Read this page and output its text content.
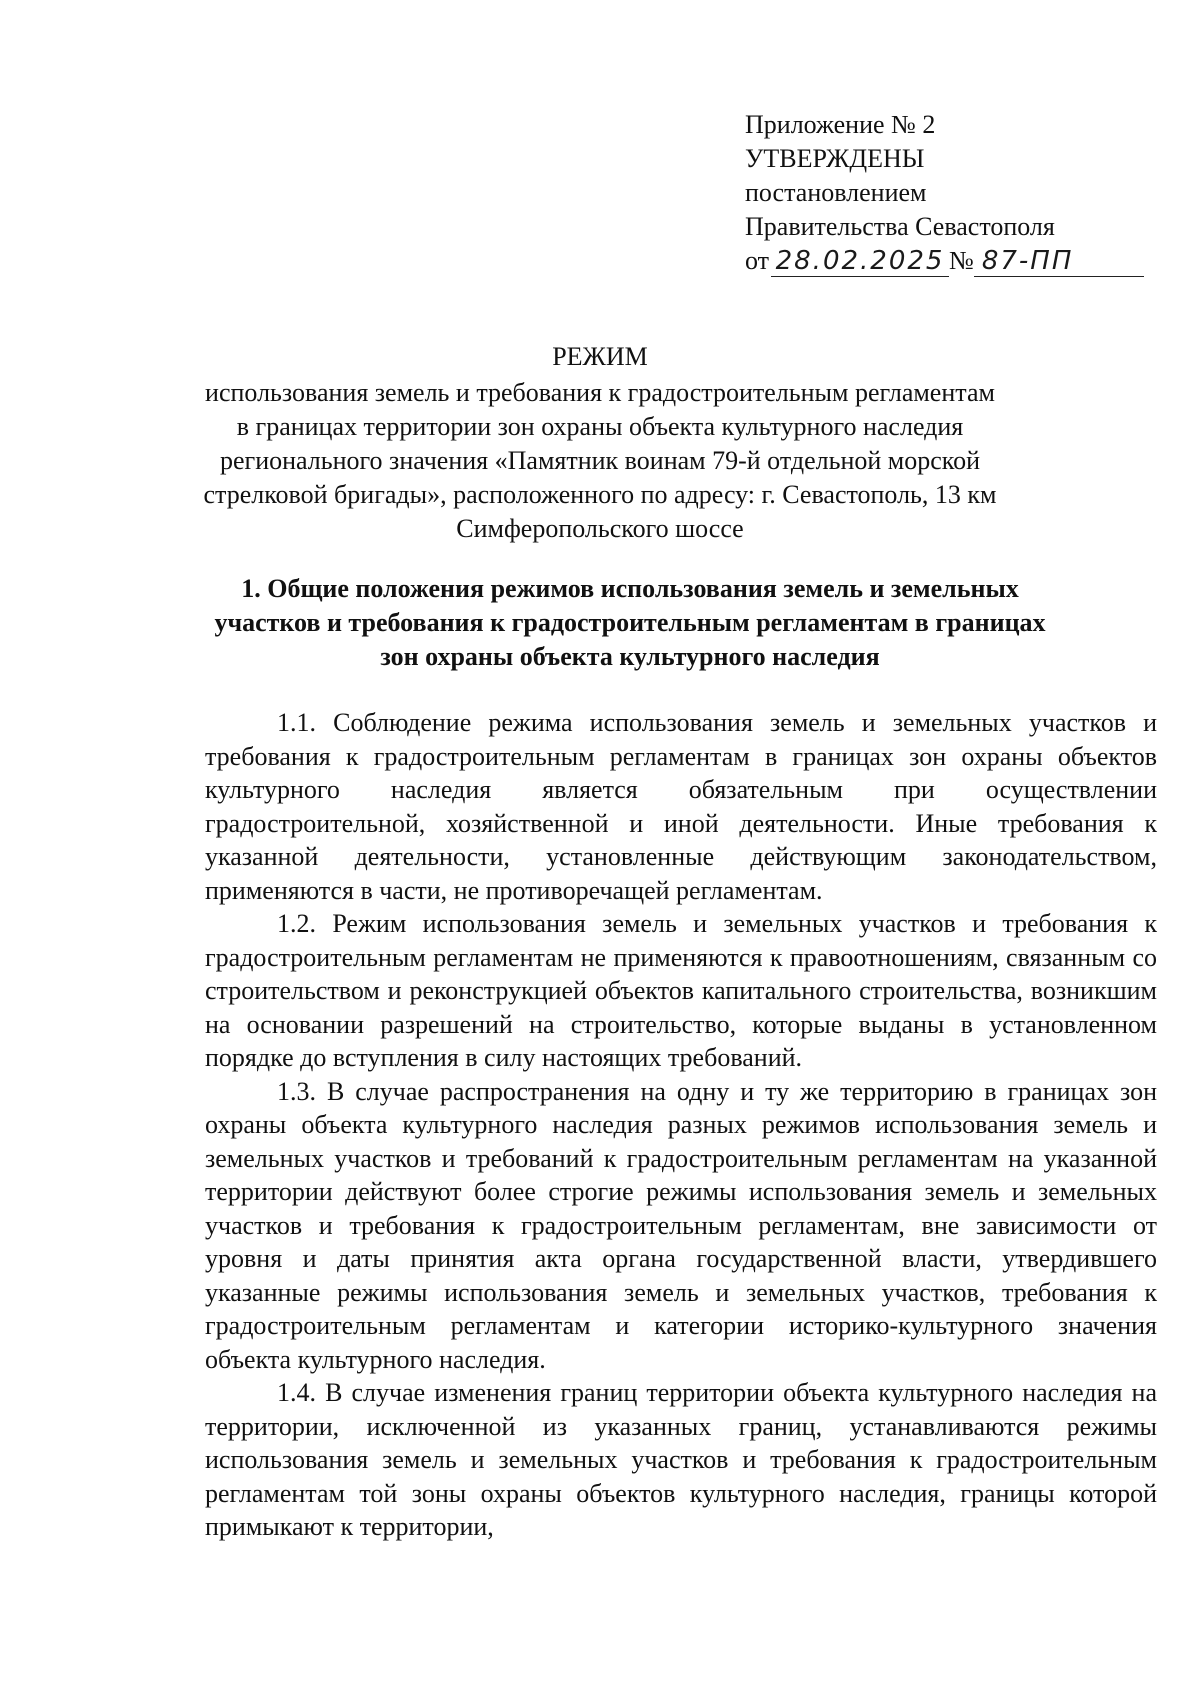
Приложение № 2
УТВЕРЖДЕНЫ
постановлением
Правительства Севастополя
от 28.02.2025 № 87-ПП
РЕЖИМ
использования земель и требования к градостроительным регламентам
в границах территории зон охраны объекта культурного наследия
регионального значения «Памятник воинам 79-й отдельной морской
стрелковой бригады», расположенного по адресу: г. Севастополь, 13 км
Симферопольского шоссе
1. Общие положения режимов использования земель и земельных
участков и требования к градостроительным регламентам в границах
зон охраны объекта культурного наследия

1.1. Соблюдение режима использования земель и земельных участков и требования к градостроительным регламентам в границах зон охраны объектов культурного наследия является обязательным при осуществлении градостроительной, хозяйственной и иной деятельности. Иные требования к указанной деятельности, установленные действующим законодательством, применяются в части, не противоречащей регламентам.

1.2. Режим использования земель и земельных участков и требования к градостроительным регламентам не применяются к правоотношениям, связанным со строительством и реконструкцией объектов капитального строительства, возникшим на основании разрешений на строительство, которые выданы в установленном порядке до вступления в силу настоящих требований.

1.3. В случае распространения на одну и ту же территорию в границах зон охраны объекта культурного наследия разных режимов использования земель и земельных участков и требований к градостроительным регламентам на указанной территории действуют более строгие режимы использования земель и земельных участков и требования к градостроительным регламентам, вне зависимости от уровня и даты принятия акта органа государственной власти, утвердившего указанные режимы использования земель и земельных участков, требования к градостроительным регламентам и категории историко-культурного значения объекта культурного наследия.

1.4. В случае изменения границ территории объекта культурного наследия на территории, исключенной из указанных границ, устанавливаются режимы использования земель и земельных участков и требования к градостроительным регламентам той зоны охраны объектов культурного наследия, границы которой примыкают к территории,
